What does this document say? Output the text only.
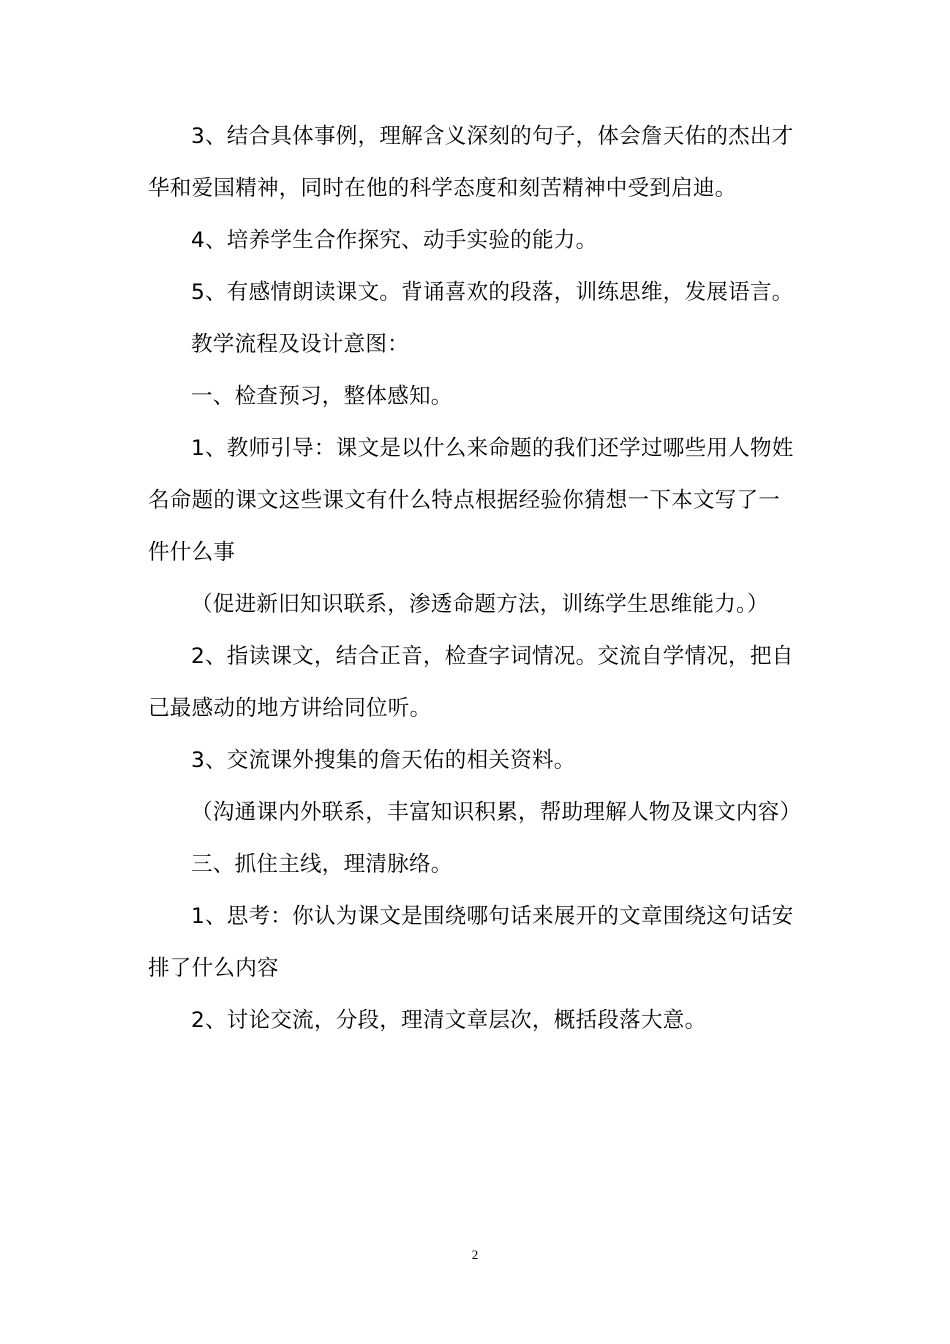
3、结合具体事例，理解含义深刻的句子，体会詹天佑的杰出才华和爱国精神，同时在他的科学态度和刻苦精神中受到启迪。

4、培养学生合作探究、动手实验的能力。

5、有感情朗读课文。背诵喜欢的段落，训练思维，发展语言。

教学流程及设计意图：

一、检查预习，整体感知。

1、教师引导：课文是以什么来命题的我们还学过哪些用人物姓名命题的课文这些课文有什么特点根据经验你猜想一下本文写了一件什么事

（促进新旧知识联系，渗透命题方法，训练学生思维能力。）

2、指读课文，结合正音，检查字词情况。交流自学情况，把自己最感动的地方讲给同位听。

3、交流课外搜集的詹天佑的相关资料。

（沟通课内外联系，丰富知识积累，帮助理解人物及课文内容）

三、抓住主线，理清脉络。

1、思考：你认为课文是围绕哪句话来展开的文章围绕这句话安排了什么内容

2、讨论交流，分段，理清文章层次，概括段落大意。

2
